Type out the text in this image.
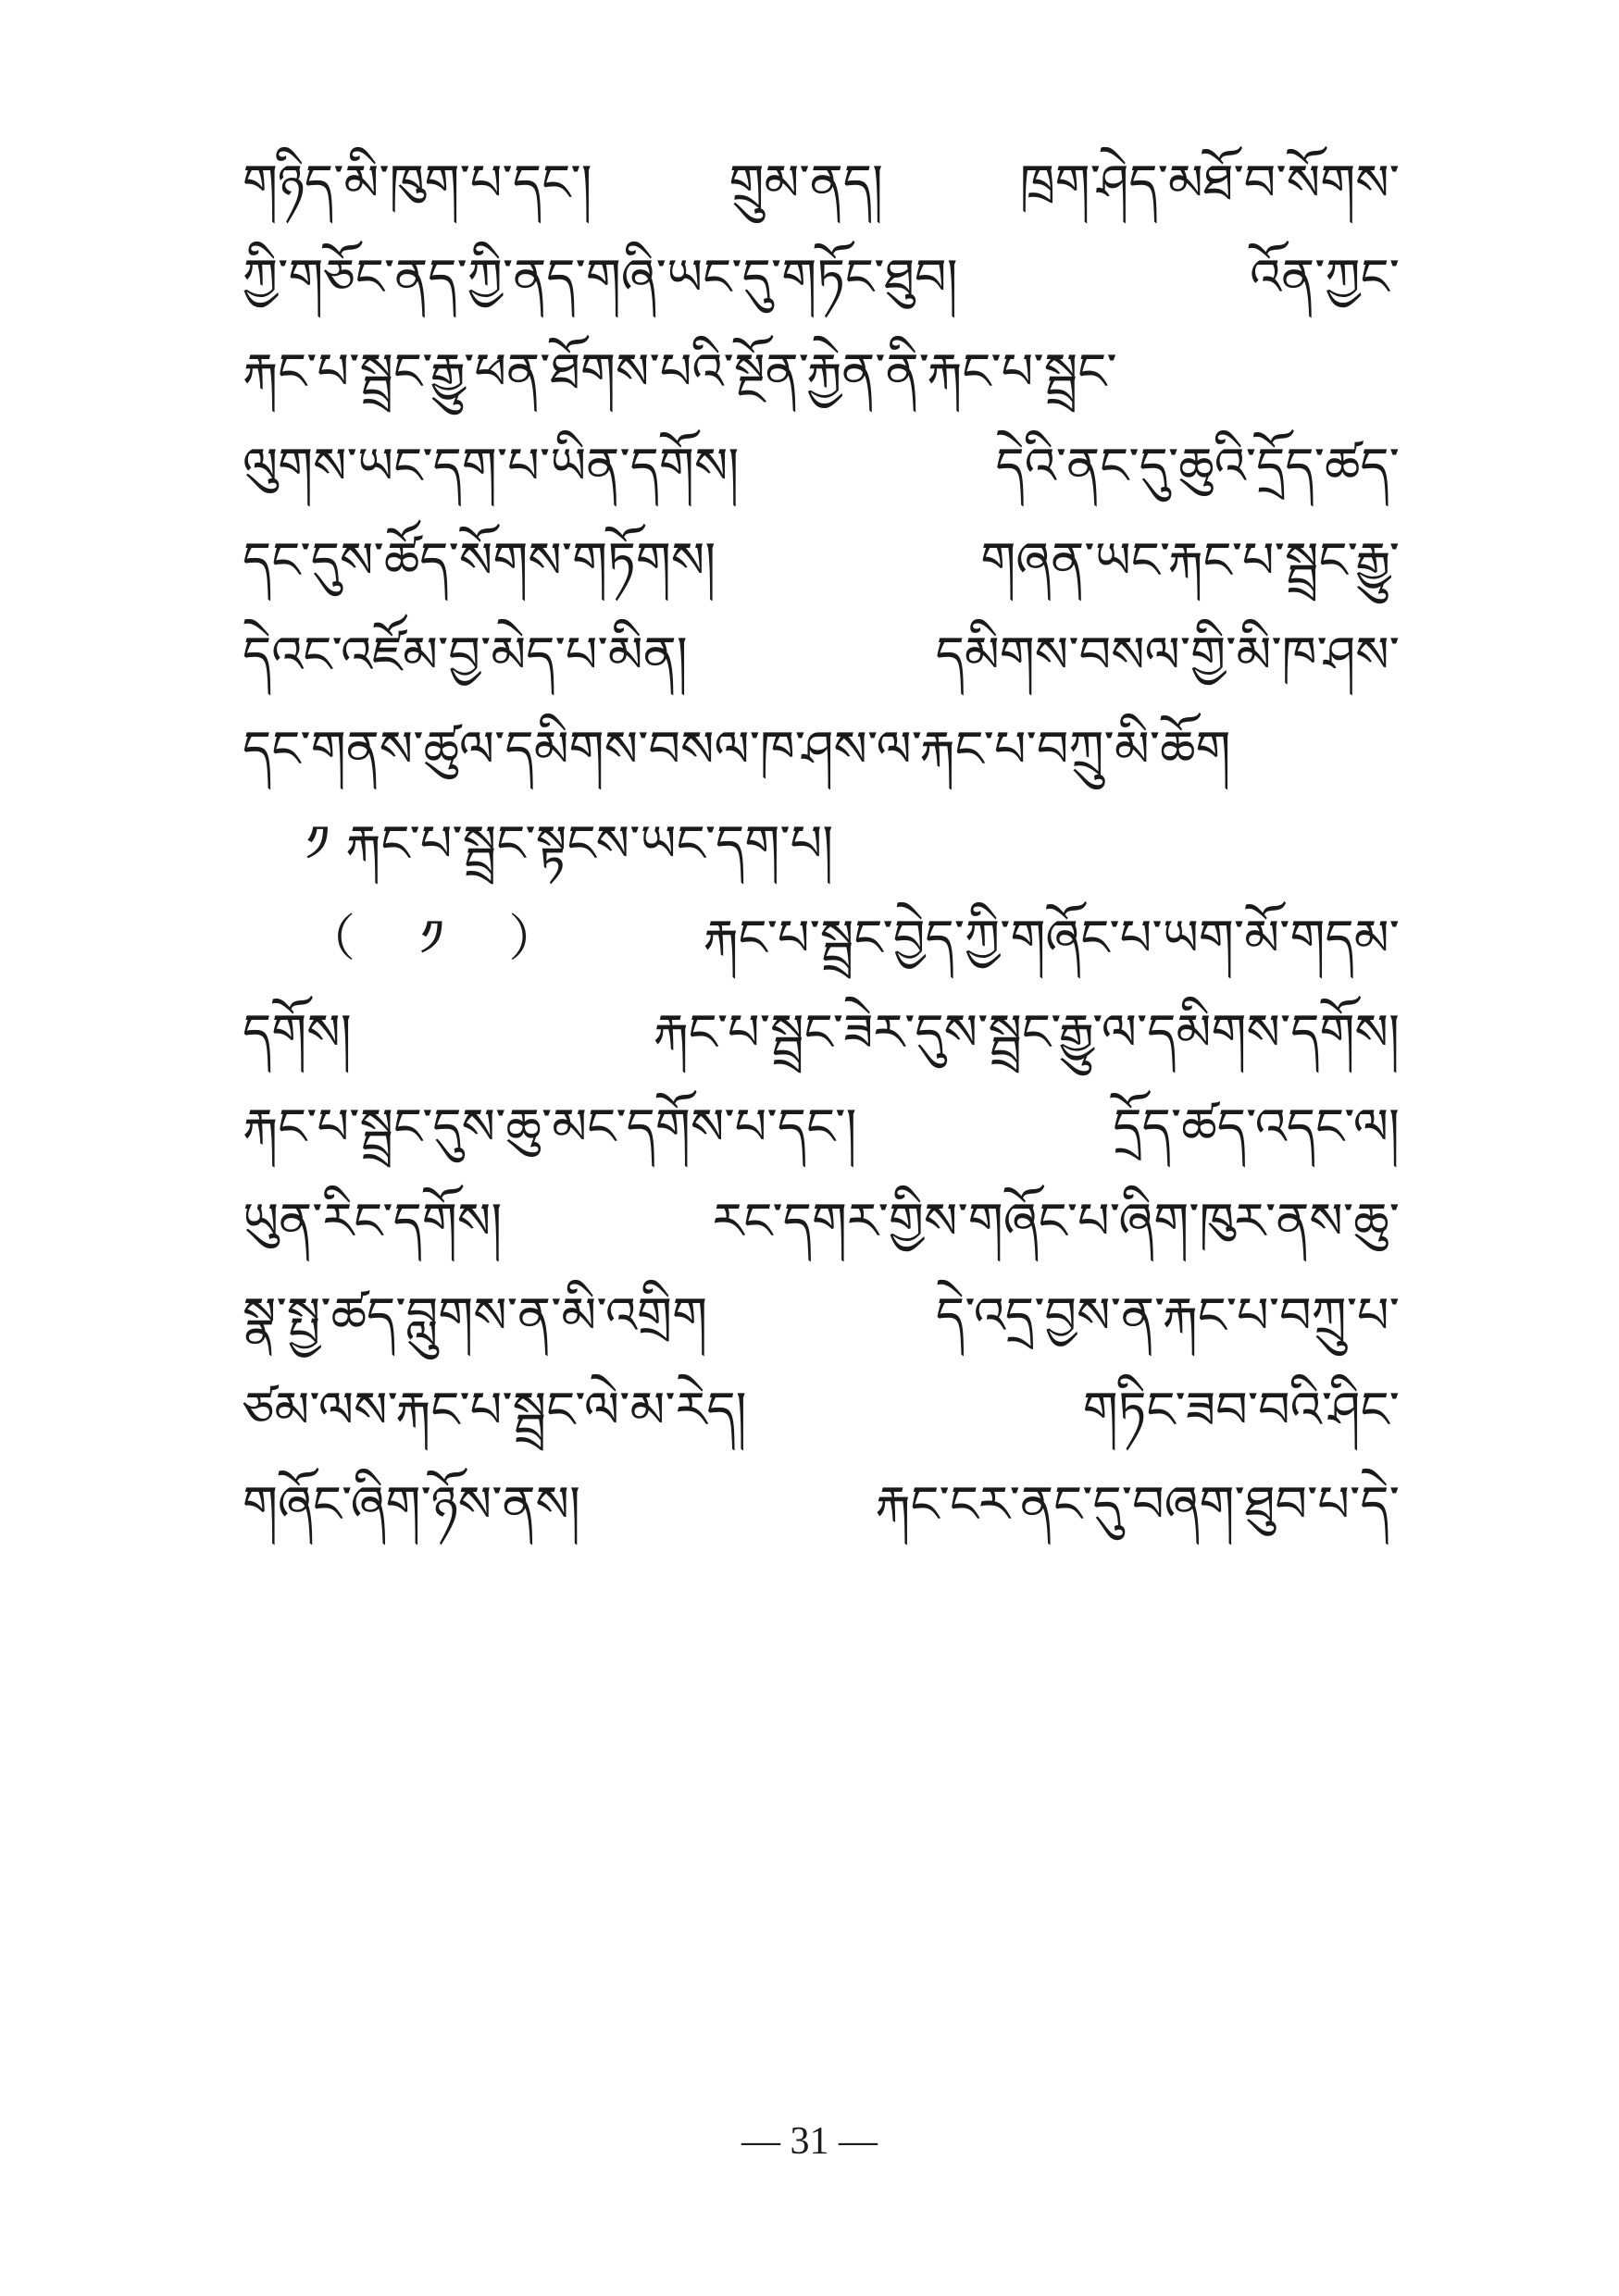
གཉིད་མི་ཁུག་པ་དང་། གྲུམ་ནད། ཁྲག་ཤེད་མཐོ་བ་སོགས་
ཀྱི་གཅོང་ནད་ཀྱི་ནད་གཞི་ཡང་དུ་གཏོང་ཐུབ། འོན་ཀྱང་
རྐང་པ་སྦྲང་རྒྱུ་ཕན་ཐོགས་པའི་སྔོན་རྐྱེན་ནི་རྐང་པ་སྦྲང་
ལུགས་ཡང་དག་པ་ཡིན་དགོས། དེའི་ནང་དུ་ཆུའི་དྲོད་ཚད་
དང་དུས་ཚོད་སོགས་གཏོགས། གཞན་ཡང་རྐང་པ་སྦྲང་རྒྱུ་
དེའང་འཛོམ་བྱ་མེད་པ་མིན། དམིགས་བསལ་གྱི་མི་ཁ་ཤས་
དང་གནས་ཚུལ་དམིགས་བསལ་ཁ་ཤས་ལ་རྐང་པ་བཀྲུ་མི་ཆོག
༡ རྐང་པ་སྦྲང་སྟངས་ཡང་དག་པ།
（༡） རྐང་པ་སྦྲང་བྱེད་ཀྱི་གཞོང་པ་ཡག་མོ་གདམ་
དགོས། རྐང་པ་སྦྲང་ཟེར་དུས་སྦྲང་རྒྱུ་ལ་དམིགས་དགོས།
རྐང་པ་སྦྲང་དུས་ཆུ་མང་དགོས་པ་དང་། དྲོད་ཚད་འདང་ལ།
ཡུན་རིང་དགོས། རང་དགར་གྱིས་གཞོང་པ་ཞིག་ཁུར་ནས་ཆུ་
སྣ་སྤྱ་ཚད་བླུགས་ན་མི་འགྲིག དེ་འདྲ་བྱས་ན་རྐང་པ་བཀྲུ་པ་
ཙམ་ལས་རྐང་པ་སྦྲང་ལེ་མ་རེད། གཏིང་ཟབ་བའི་ཤིང་
གཞོང་ཞིག་ཉོས་ནས། རྐང་ངར་ནང་དུ་བཞག་ཐུབ་པ་དེ་
— 31 —
